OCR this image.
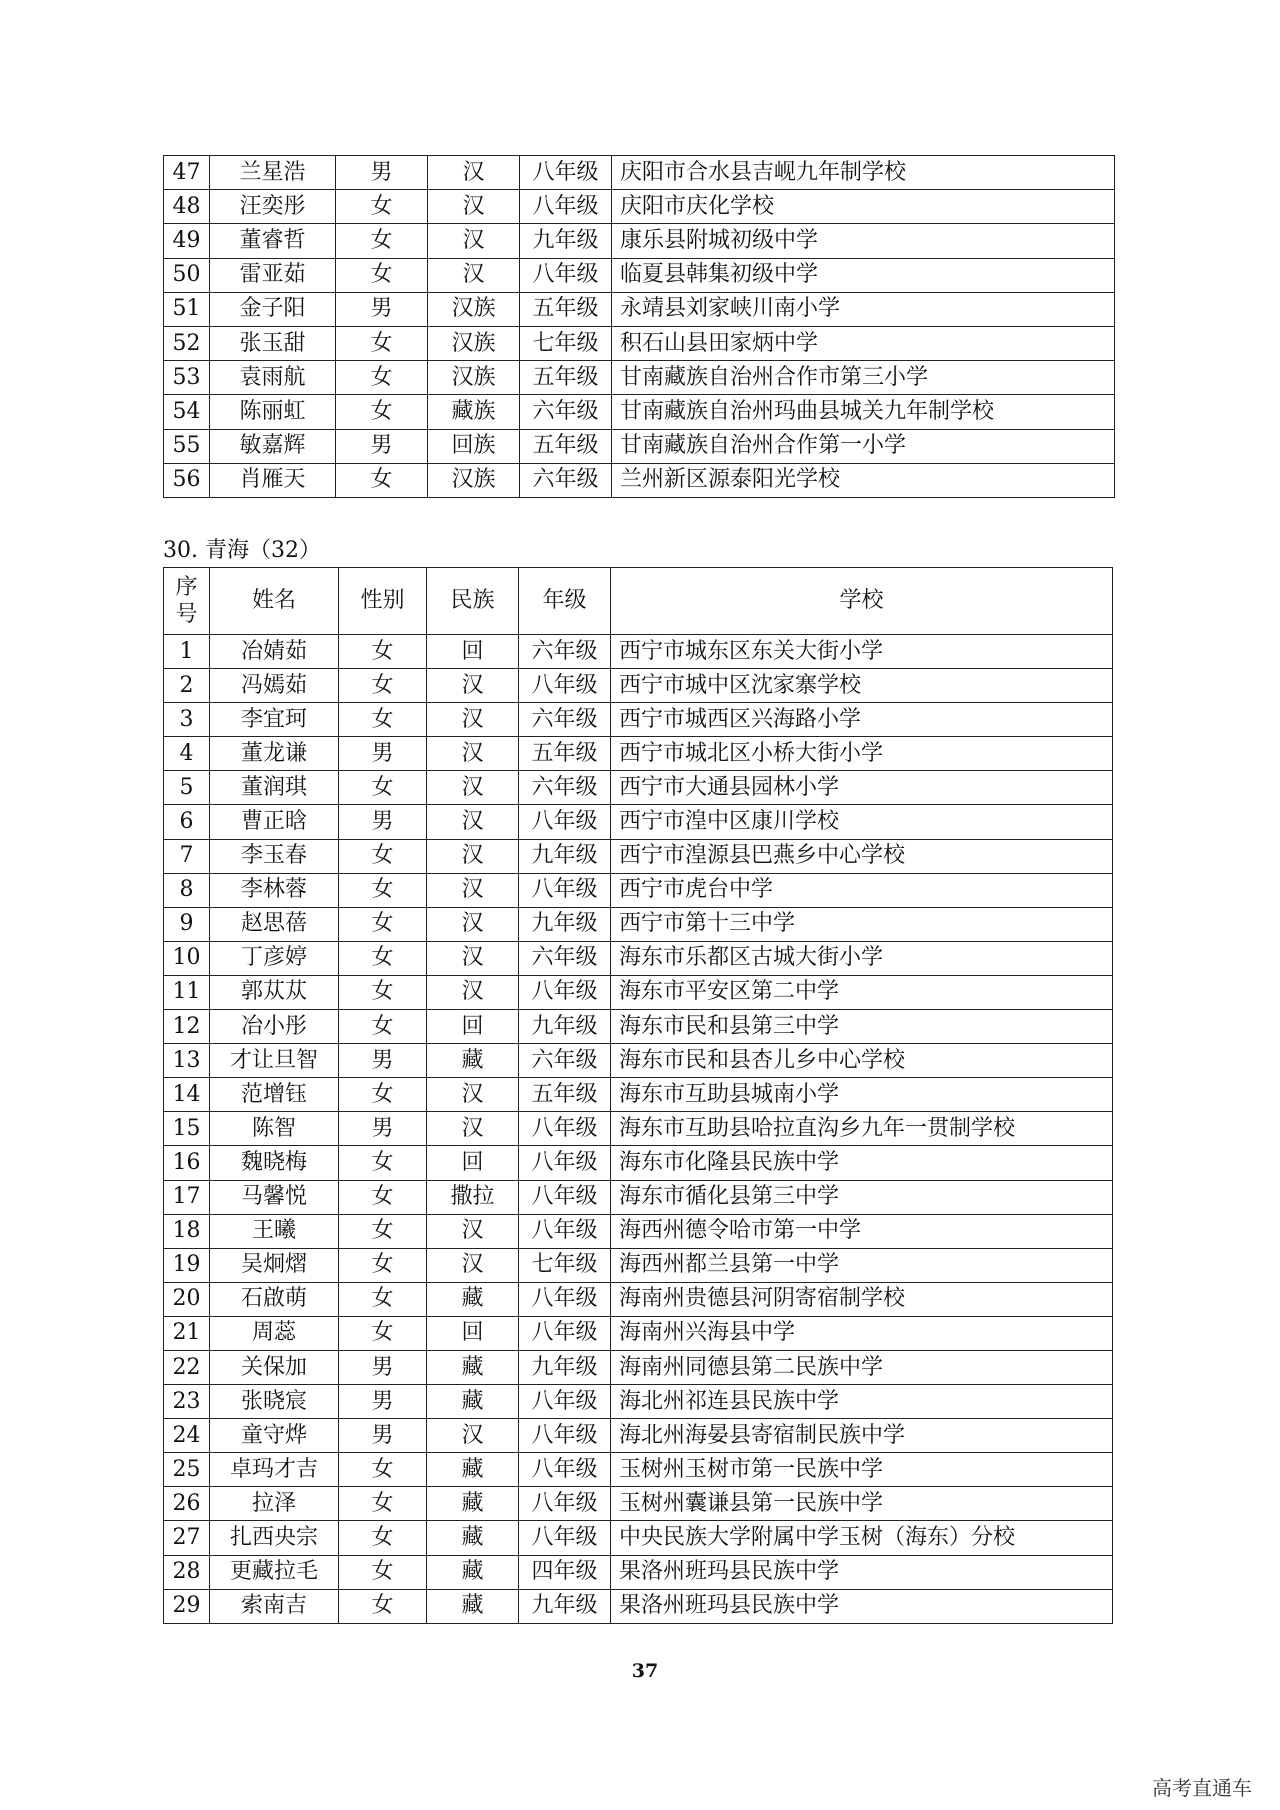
47	兰星浩	男	汉	八年级	庆阳市合水县吉岘九年制学校
48	汪奕彤	女	汉	八年级	庆阳市庆化学校
49	董睿哲	女	汉	九年级	康乐县附城初级中学
50	雷亚茹	女	汉	八年级	临夏县韩集初级中学
51	金子阳	男	汉族	五年级	永靖县刘家峡川南小学
52	张玉甜	女	汉族	七年级	积石山县田家炳中学
53	袁雨航	女	汉族	五年级	甘南藏族自治州合作市第三小学
54	陈丽虹	女	藏族	六年级	甘南藏族自治州玛曲县城关九年制学校
55	敏嘉辉	男	回族	五年级	甘南藏族自治州合作第一小学
56	肖雁天	女	汉族	六年级	兰州新区源泰阳光学校
30. 青海（32）
序
号	姓名	性别	民族	年级	学校
1	冶婧茹	女	回	六年级	西宁市城东区东关大街小学
2	冯嫣茹	女	汉	八年级	西宁市城中区沈家寨学校
3	李宜珂	女	汉	六年级	西宁市城西区兴海路小学
4	董龙谦	男	汉	五年级	西宁市城北区小桥大街小学
5	董润琪	女	汉	六年级	西宁市大通县园林小学
6	曹正晗	男	汉	八年级	西宁市湟中区康川学校
7	李玉春	女	汉	九年级	西宁市湟源县巴燕乡中心学校
8	李林蓉	女	汉	八年级	西宁市虎台中学
9	赵思蓓	女	汉	九年级	西宁市第十三中学
10	丁彦婷	女	汉	六年级	海东市乐都区古城大街小学
11	郭苁苁	女	汉	八年级	海东市平安区第二中学
12	冶小彤	女	回	九年级	海东市民和县第三中学
13	才让旦智	男	藏	六年级	海东市民和县杏儿乡中心学校
14	范增钰	女	汉	五年级	海东市互助县城南小学
15	陈智	男	汉	八年级	海东市互助县哈拉直沟乡九年一贯制学校
16	魏晓梅	女	回	八年级	海东市化隆县民族中学
17	马馨悦	女	撒拉	八年级	海东市循化县第三中学
18	王曦	女	汉	八年级	海西州德令哈市第一中学
19	吴炯熠	女	汉	七年级	海西州都兰县第一中学
20	石啟萌	女	藏	八年级	海南州贵德县河阴寄宿制学校
21	周蕊	女	回	八年级	海南州兴海县中学
22	关保加	男	藏	九年级	海南州同德县第二民族中学
23	张晓宸	男	藏	八年级	海北州祁连县民族中学
24	童守烨	男	汉	八年级	海北州海晏县寄宿制民族中学
25	卓玛才吉	女	藏	八年级	玉树州玉树市第一民族中学
26	拉泽	女	藏	八年级	玉树州囊谦县第一民族中学
27	扎西央宗	女	藏	八年级	中央民族大学附属中学玉树（海东）分校
28	更藏拉毛	女	藏	四年级	果洛州班玛县民族中学
29	索南吉	女	藏	九年级	果洛州班玛县民族中学
37
高考直通车
